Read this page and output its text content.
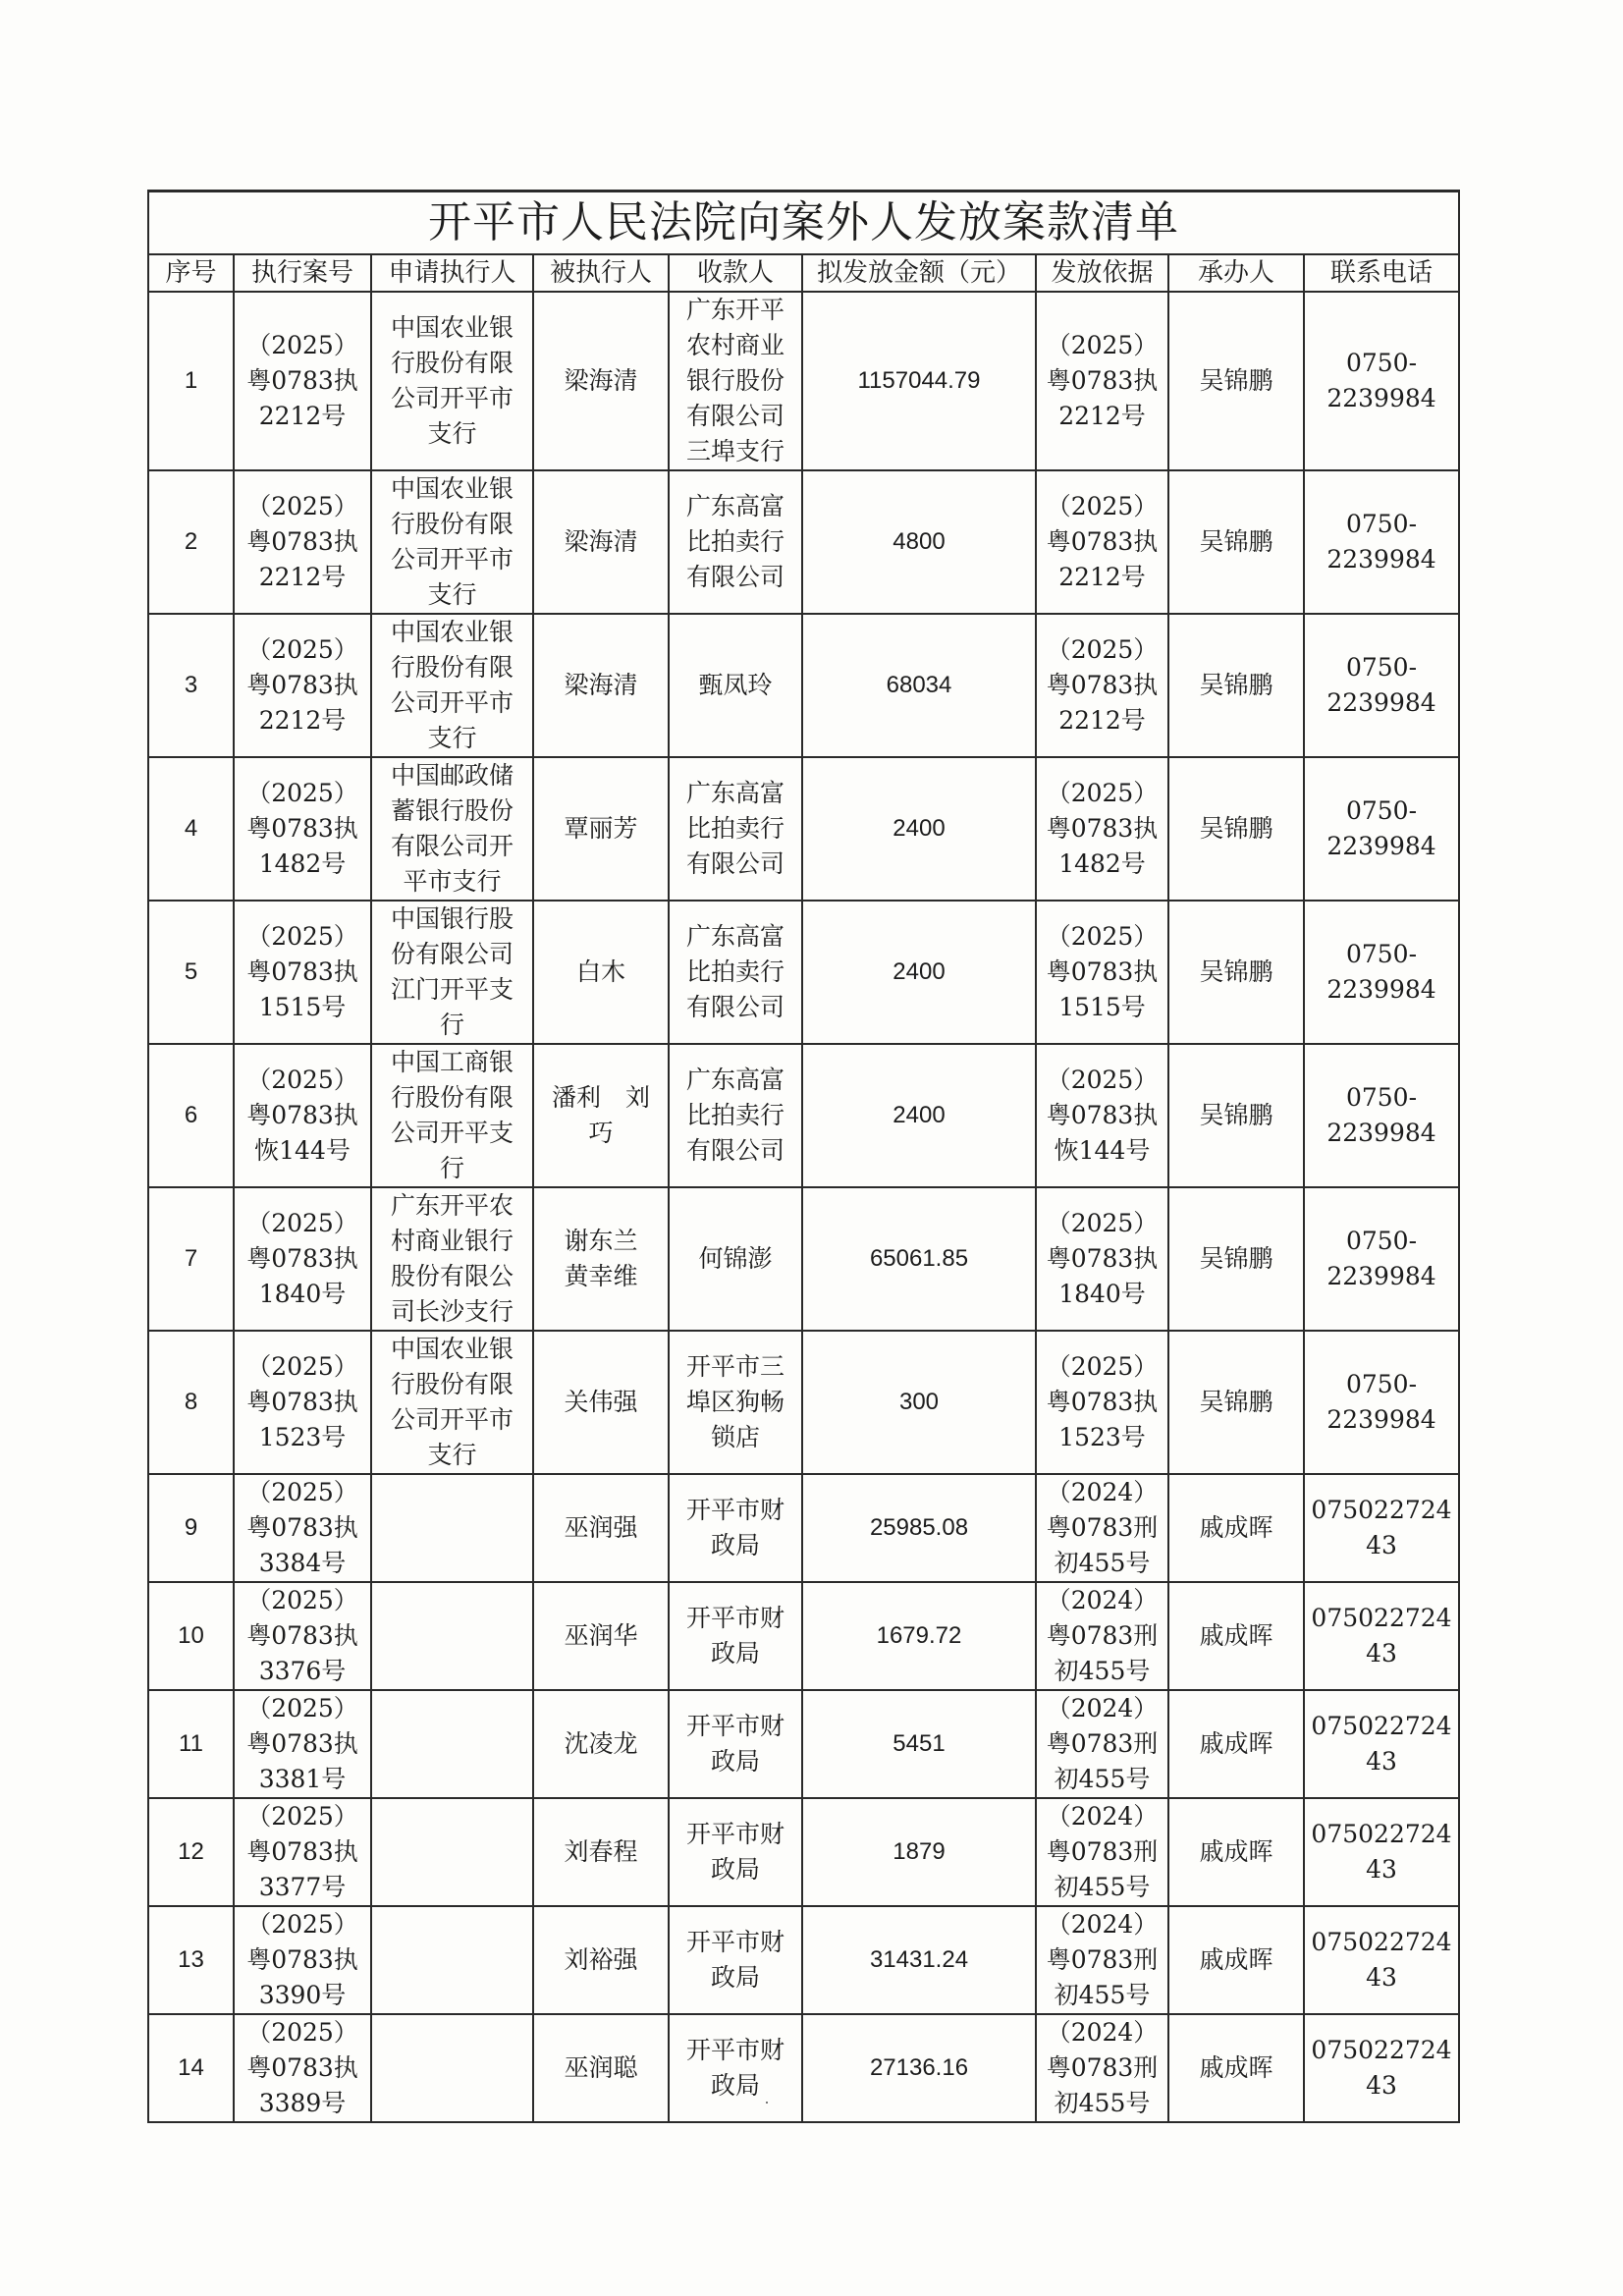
开平市人民法院向案外人发放案款清单								
序号	执行案号	申请执行人	被执行人	收款人	拟发放金额（元）	发放依据	承办人	联系电话
1	（2025）
粤0783执
2212号	中国农业银
行股份有限
公司开平市
支行	梁海清	广东开平
农村商业
银行股份
有限公司
三埠支行	1157044.79	（2025）
粤0783执
2212号	吴锦鹏	0750-
2239984

2	（2025）
粤0783执
2212号	中国农业银
行股份有限
公司开平市
支行	梁海清	广东高富
比拍卖行
有限公司	4800	（2025）
粤0783执
2212号	吴锦鹏	0750-
2239984

3	（2025）
粤0783执
2212号	中国农业银
行股份有限
公司开平市
支行	梁海清	甄凤玲	68034	（2025）
粤0783执
2212号	吴锦鹏	0750-
2239984

4	（2025）
粤0783执
1482号	中国邮政储
蓄银行股份
有限公司开
平市支行	覃丽芳	广东高富
比拍卖行
有限公司	2400	（2025）
粤0783执
1482号	吴锦鹏	0750-
2239984

5	（2025）
粤0783执
1515号	中国银行股
份有限公司
江门开平支
行	白木	广东高富
比拍卖行
有限公司	2400	（2025）
粤0783执
1515号	吴锦鹏	0750-
2239984

6	（2025）
粤0783执
恢144号	中国工商银
行股份有限
公司开平支
行	潘利　刘
巧	广东高富
比拍卖行
有限公司	2400	（2025）
粤0783执
恢144号	吴锦鹏	0750-
2239984

7	（2025）
粤0783执
1840号	广东开平农
村商业银行
股份有限公
司长沙支行	谢东兰
黄幸维	何锦澎	65061.85	（2025）
粤0783执
1840号	吴锦鹏	0750-
2239984

8	（2025）
粤0783执
1523号	中国农业银
行股份有限
公司开平市
支行	关伟强	开平市三
埠区狗畅
锁店	300	（2025）
粤0783执
1523号	吴锦鹏	0750-
2239984

9	（2025）
粤0783执
3384号		巫润强	开平市财
政局	25985.08	（2024）
粤0783刑
初455号	戚成晖	075022724
43

10	（2025）
粤0783执
3376号		巫润华	开平市财
政局	1679.72	（2024）
粤0783刑
初455号	戚成晖	075022724
43

11	（2025）
粤0783执
3381号		沈凌龙	开平市财
政局	5451	（2024）
粤0783刑
初455号	戚成晖	075022724
43

12	（2025）
粤0783执
3377号		刘春程	开平市财
政局	1879	（2024）
粤0783刑
初455号	戚成晖	075022724
43

13	（2025）
粤0783执
3390号		刘裕强	开平市财
政局	31431.24	（2024）
粤0783刑
初455号	戚成晖	075022724
43

14	（2025）
粤0783执
3389号		巫润聪	开平市财
政局	27136.16	（2024）
粤0783刑
初455号	戚成晖	075022724
43
